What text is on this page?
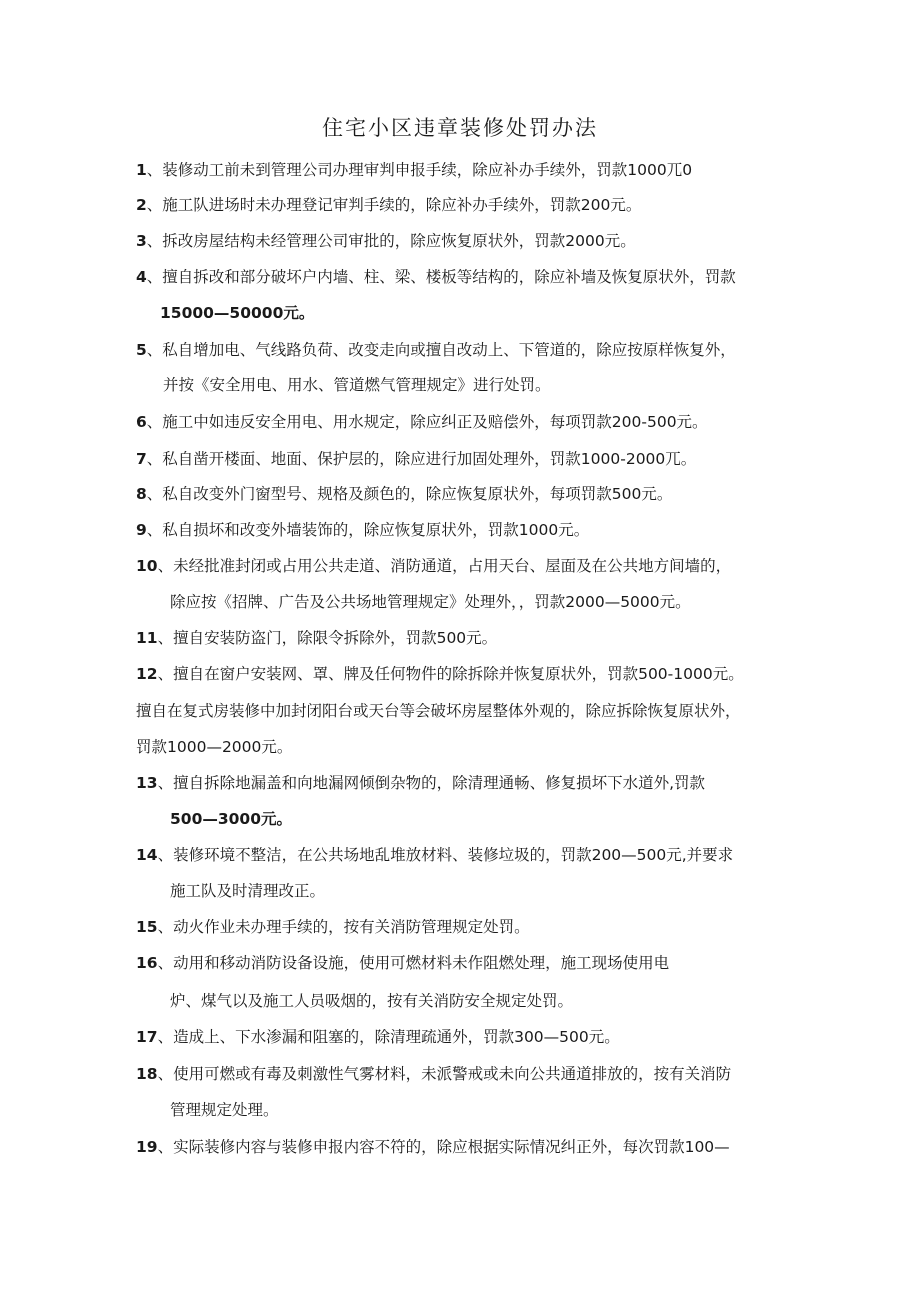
住宅小区违章装修处罚办法
1、装修动工前未到管理公司办理审判申报手续，除应补办手续外，罚款1000兀0
2、施工队进场时未办理登记审判手续的，除应补办手续外，罚款200元。
3、拆改房屋结构未经管理公司审批的，除应恢复原状外，罚款2000元。
4、擅自拆改和部分破坏户内墙、柱、梁、楼板等结构的，除应补墙及恢复原状外，罚款
15000—50000元。
5、私自增加电、气线路负荷、改变走向或擅自改动上、下管道的，除应按原样恢复外，
并按《安全用电、用水、管道燃气管理规定》进行处罚。
6、施工中如违反安全用电、用水规定，除应纠正及赔偿外，每项罚款200-500元。
7、私自凿开楼面、地面、保护层的，除应进行加固处理外，罚款1000-2000兀。
8、私自改变外门窗型号、规格及颜色的，除应恢复原状外，每项罚款500元。
9、私自损坏和改变外墙装饰的，除应恢复原状外，罚款1000元。
10、未经批准封闭或占用公共走道、消防通道，占用天台、屋面及在公共地方间墙的，
除应按《招牌、广告及公共场地管理规定》处理外，，罚款2000—5000元。
11、擅自安装防盗门，除限令拆除外，罚款500元。
12、擅自在窗户安装网、罩、牌及任何物件的除拆除并恢复原状外，罚款500-1000元。
擅自在复式房装修中加封闭阳台或天台等会破坏房屋整体外观的，除应拆除恢复原状外，
罚款1000—2000元。
13、擅自拆除地漏盖和向地漏网倾倒杂物的，除清理通畅、修复损坏下水道外,罚款
500—3000元。
14、装修环境不整洁，在公共场地乱堆放材料、装修垃圾的，罚款200—500元,并要求
施工队及时清理改正。
15、动火作业未办理手续的，按有关消防管理规定处罚。
16、动用和移动消防设备设施，使用可燃材料未作阻燃处理，施工现场使用电
炉、煤气以及施工人员吸烟的，按有关消防安全规定处罚。
17、造成上、下水渗漏和阻塞的，除清理疏通外，罚款300—500元。
18、使用可燃或有毒及刺激性气雾材料，未派警戒或未向公共通道排放的，按有关消防
管理规定处理。
19、实际装修内容与装修申报内容不符的，除应根据实际情况纠正外，每次罚款100—
